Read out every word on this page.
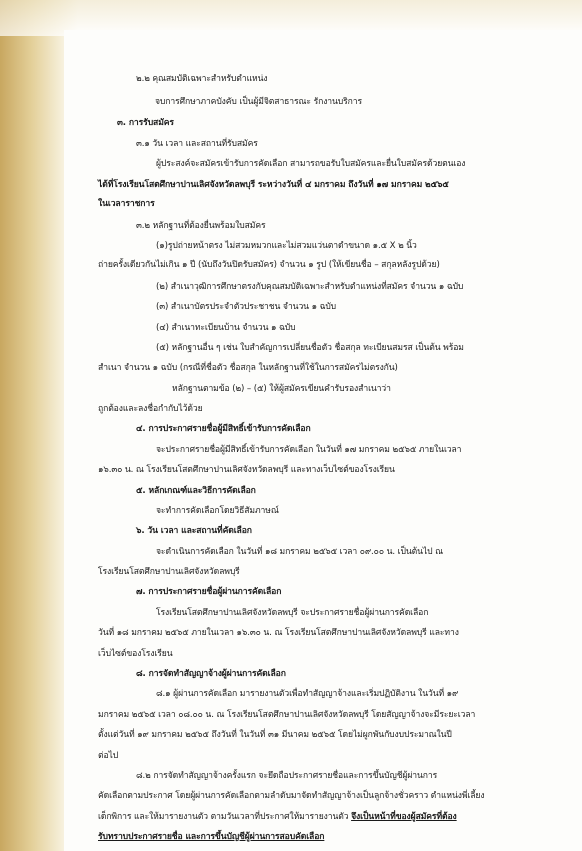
๒.๒ คุณสมบัติเฉพาะสำหรับตำแหน่ง

จบการศึกษาภาคบังคับ เป็นผู้มีจิตสาธารณะ รักงานบริการ

๓. การรับสมัคร

๓.๑ วัน เวลา และสถานที่รับสมัคร

ผู้ประสงค์จะสมัครเข้ารับการคัดเลือก สามารถขอรับใบสมัครและยื่นใบสมัครด้วยตนเอง

ได้ที่โรงเรียนโสตศึกษาปานเลิศจังหวัดลพบุรี ระหว่างวันที่ ๔ มกราคม ถึงวันที่ ๑๗ มกราคม ๒๕๖๕

ในเวลาราชการ

๓.๒ หลักฐานที่ต้องยื่นพร้อมใบสมัคร

(๑)รูปถ่ายหน้าตรง ไม่สวมหมวกและไม่สวมแว่นตาดำขนาด ๑.๕ X ๒ นิ้ว

ถ่ายครั้งเดียวกันไม่เกิน ๑ ปี (นับถึงวันปิดรับสมัคร) จำนวน ๑ รูป (ให้เขียนชื่อ – สกุลหลังรูปด้วย)

(๒) สำเนาวุฒิการศึกษาตรงกับคุณสมบัติเฉพาะสำหรับตำแหน่งที่สมัคร จำนวน ๑ ฉบับ

(๓) สำเนาบัตรประจำตัวประชาชน จำนวน ๑ ฉบับ

(๔) สำเนาทะเบียนบ้าน จำนวน ๑ ฉบับ

(๕) หลักฐานอื่น ๆ เช่น ใบสำคัญการเปลี่ยนชื่อตัว ชื่อสกุล ทะเบียนสมรส เป็นต้น พร้อม

สำเนา จำนวน ๑ ฉบับ (กรณีที่ชื่อตัว ชื่อสกุล ในหลักฐานที่ใช้ในการสมัครไม่ตรงกัน)

หลักฐานตามข้อ (๒) – (๕) ให้ผู้สมัครเขียนคำรับรองสำเนาว่า

ถูกต้องและลงชื่อกำกับไว้ด้วย

๔. การประกาศรายชื่อผู้มีสิทธิ์เข้ารับการคัดเลือก

จะประกาศรายชื่อผู้มีสิทธิ์เข้ารับการคัดเลือก ในวันที่ ๑๗ มกราคม ๒๕๖๕ ภายในเวลา

๑๖.๓๐ น. ณ โรงเรียนโสตศึกษาปานเลิศจังหวัดลพบุรี และทางเว็บไซต์ของโรงเรียน

๕. หลักเกณฑ์และวิธีการคัดเลือก

จะทำการคัดเลือกโดยวิธีสัมภาษณ์

๖. วัน เวลา และสถานที่คัดเลือก

จะดำเนินการคัดเลือก ในวันที่ ๑๘ มกราคม ๒๕๖๕ เวลา ๐๙.๐๐ น. เป็นต้นไป ณ

โรงเรียนโสตศึกษาปานเลิศจังหวัดลพบุรี

๗. การประกาศรายชื่อผู้ผ่านการคัดเลือก

โรงเรียนโสตศึกษาปานเลิศจังหวัดลพบุรี จะประกาศรายชื่อผู้ผ่านการคัดเลือก

วันที่ ๑๘ มกราคม ๒๕๖๕ ภายในเวลา ๑๖.๓๐ น. ณ โรงเรียนโสตศึกษาปานเลิศจังหวัดลพบุรี และทาง

เว็บไซต์ของโรงเรียน

๘. การจัดทำสัญญาจ้างผู้ผ่านการคัดเลือก

๘.๑ ผู้ผ่านการคัดเลือก มารายงานตัวเพื่อทำสัญญาจ้างและเริ่มปฏิบัติงาน ในวันที่ ๑๙

มกราคม ๒๕๖๕ เวลา ๐๘.๐๐ น. ณ โรงเรียนโสตศึกษาปานเลิศจังหวัดลพบุรี โดยสัญญาจ้างจะมีระยะเวลา

ตั้งแต่วันที่ ๑๙ มกราคม ๒๕๖๕ ถึงวันที่ ในวันที่ ๓๑ มีนาคม ๒๕๖๕ โดยไม่ผูกพันกับงบประมาณในปี

ต่อไป

๘.๒ การจัดทำสัญญาจ้างครั้งแรก จะยึดถือประกาศรายชื่อและการขึ้นบัญชีผู้ผ่านการ

คัดเลือกตามประกาศ โดยผู้ผ่านการคัดเลือกตามลำดับมาจัดทำสัญญาจ้างเป็นลูกจ้างชั่วคราว ตำแหน่งพี่เลี้ยง

เด็กพิการ และให้มารายงานตัว ตามวันเวลาที่ประกาศให้มารายงานตัว จึงเป็นหน้าที่ของผู้สมัครที่ต้อง

รับทราบประกาศรายชื่อ และการขึ้นบัญชีผู้ผ่านการสอบคัดเลือก
